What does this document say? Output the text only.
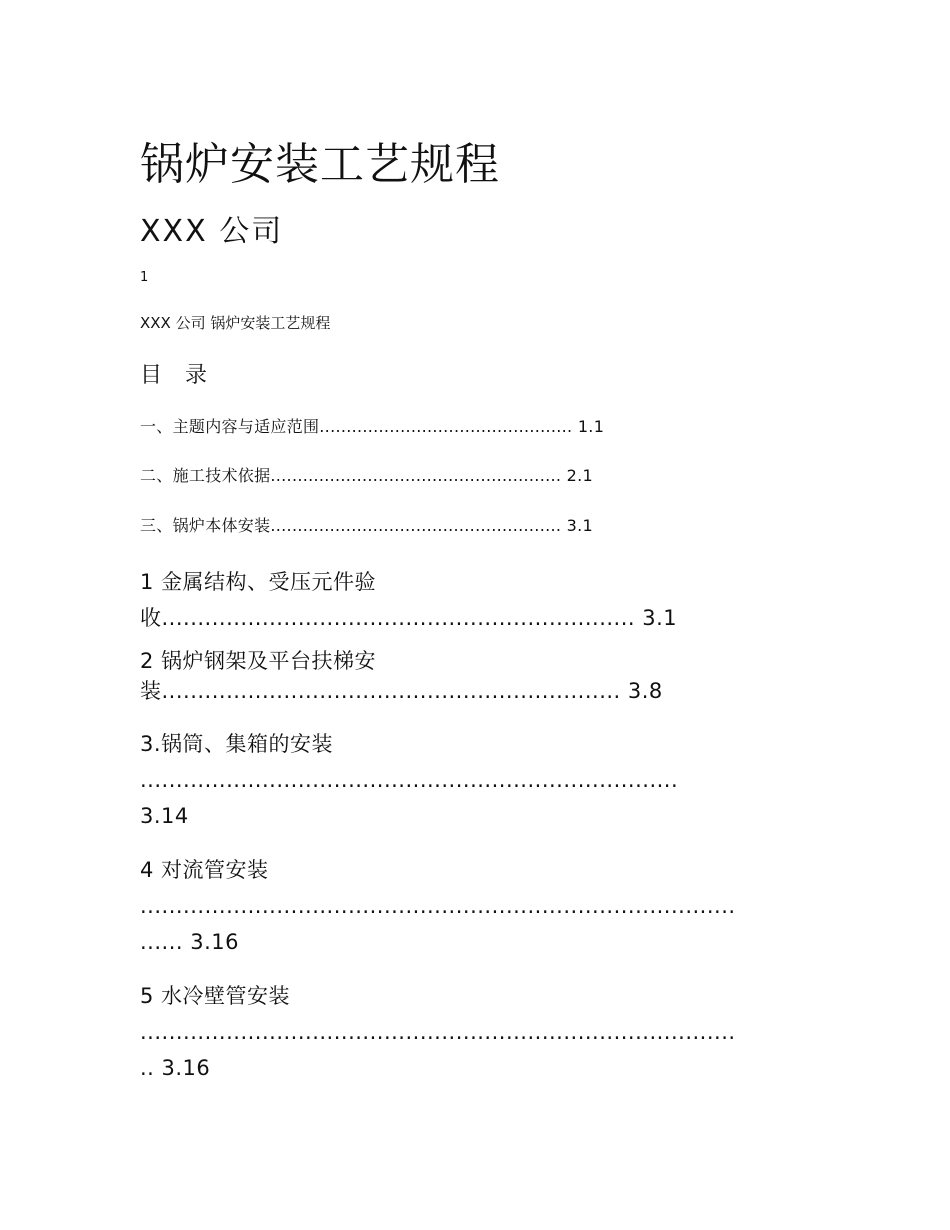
锅炉安装工艺规程
XXX 公司
1
XXX 公司 锅炉安装工艺规程
目 录
一、主题内容与适应范围............................................... 1.1
二、施工技术依据...................................................... 2.1
三、锅炉本体安装...................................................... 3.1
1 金属结构、受压元件验
收.................................................................. 3.1
2 锅炉钢架及平台扶梯安
装................................................................ 3.8
3.锅筒、集箱的安装
...........................................................................
3.14
4 对流管安装
...................................................................................
...... 3.16
5 水冷壁管安装
...................................................................................
.. 3.16
